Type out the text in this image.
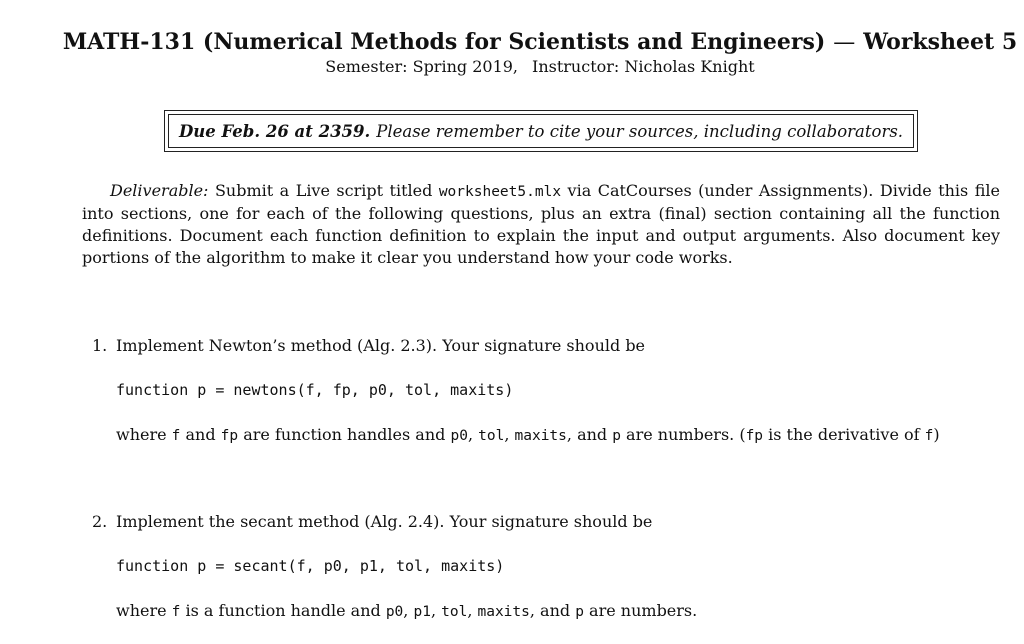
MATH-131 (Numerical Methods for Scientists and Engineers) — Worksheet 5
Semester: Spring 2019, Instructor: Nicholas Knight
Due Feb. 26 at 2359. Please remember to cite your sources, including collaborators.
Deliverable: Submit a Live script titled worksheet5.mlx via CatCourses (under Assignments). Divide this file into sections, one for each of the following questions, plus an extra (final) section containing all the function definitions. Document each function definition to explain the input and output arguments. Also document key portions of the algorithm to make it clear you understand how your code works.
1. Implement Newton’s method (Alg. 2.3). Your signature should be
function p = newtons(f, fp, p0, tol, maxits)
where f and fp are function handles and p0, tol, maxits, and p are numbers. (fp is the derivative of f)
2. Implement the secant method (Alg. 2.4). Your signature should be
function p = secant(f, p0, p1, tol, maxits)
where f is a function handle and p0, p1, tol, maxits, and p are numbers.
